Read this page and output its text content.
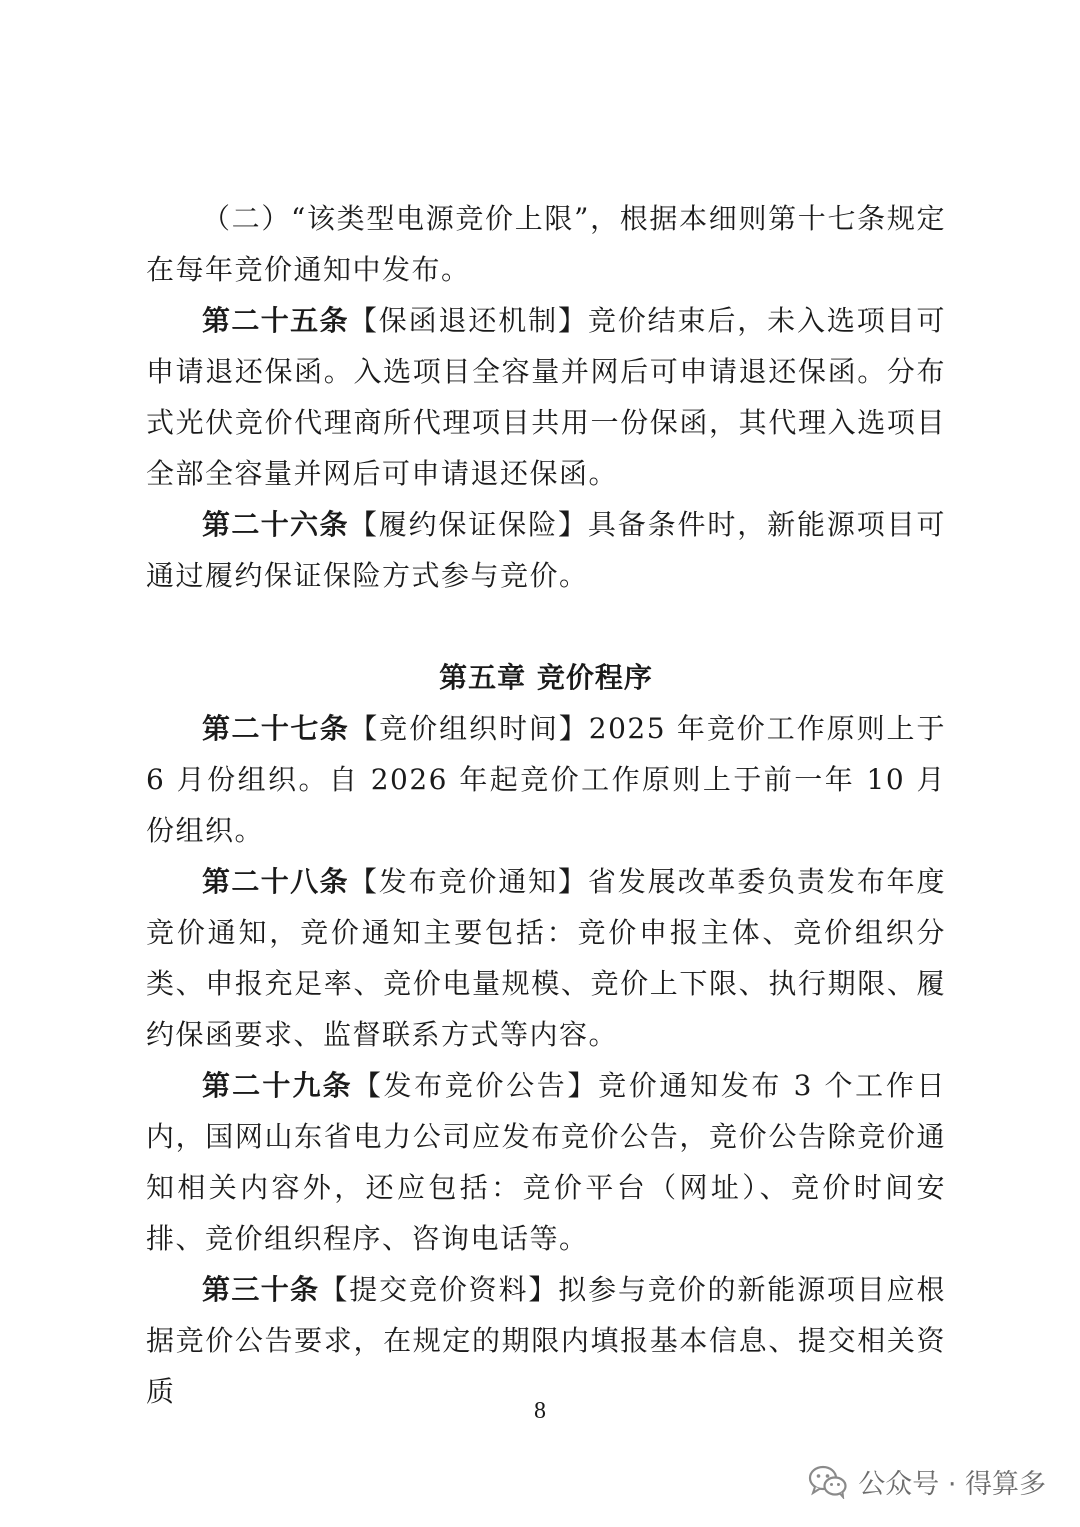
（二）“该类型电源竞价上限”，根据本细则第十七条规定在每年竞价通知中发布。

第二十五条【保函退还机制】竞价结束后，未入选项目可申请退还保函。入选项目全容量并网后可申请退还保函。分布式光伏竞价代理商所代理项目共用一份保函，其代理入选项目全部全容量并网后可申请退还保函。

第二十六条【履约保证保险】具备条件时，新能源项目可通过履约保证保险方式参与竞价。

第五章 竞价程序

第二十七条【竞价组织时间】2025 年竞价工作原则上于 6 月份组织。自 2026 年起竞价工作原则上于前一年 10 月份组织。

第二十八条【发布竞价通知】省发展改革委负责发布年度竞价通知，竞价通知主要包括：竞价申报主体、竞价组织分类、申报充足率、竞价电量规模、竞价上下限、执行期限、履约保函要求、监督联系方式等内容。

第二十九条【发布竞价公告】竞价通知发布 3 个工作日内，国网山东省电力公司应发布竞价公告，竞价公告除竞价通知相关内容外，还应包括：竞价平台（网址）、竞价时间安排、竞价组织程序、咨询电话等。

第三十条【提交竞价资料】拟参与竞价的新能源项目应根据竞价公告要求，在规定的期限内填报基本信息、提交相关资质

8
公众号 · 得算多
